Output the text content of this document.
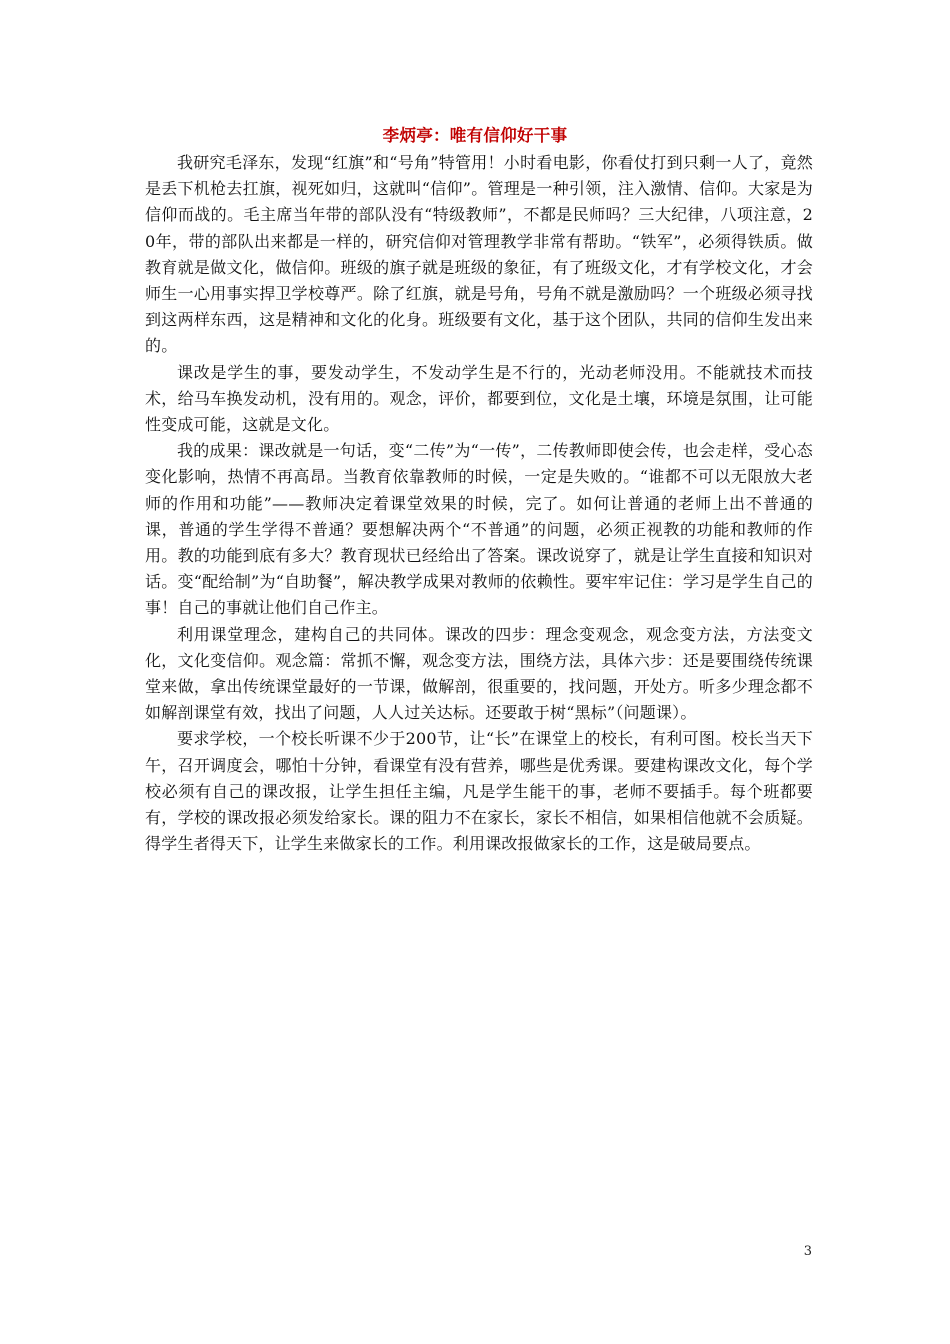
李炳亭：唯有信仰好干事

我研究毛泽东，发现“红旗”和“号角”特管用！小时看电影，你看仗打到只剩一人了，竟然是丢下机枪去扛旗，视死如归，这就叫“信仰”。管理是一种引领，注入激情、信仰。大家是为信仰而战的。毛主席当年带的部队没有“特级教师”，不都是民师吗？三大纪律，八项注意，20年，带的部队出来都是一样的，研究信仰对管理教学非常有帮助。“铁军”，必须得铁质。做教育就是做文化，做信仰。班级的旗子就是班级的象征，有了班级文化，才有学校文化，才会师生一心用事实捍卫学校尊严。除了红旗，就是号角，号角不就是激励吗？一个班级必须寻找到这两样东西，这是精神和文化的化身。班级要有文化，基于这个团队，共同的信仰生发出来的。

课改是学生的事，要发动学生，不发动学生是不行的，光动老师没用。不能就技术而技术，给马车换发动机，没有用的。观念，评价，都要到位，文化是土壤，环境是氛围，让可能性变成可能，这就是文化。

我的成果：课改就是一句话，变“二传”为“一传”，二传教师即使会传，也会走样，受心态变化影响，热情不再高昂。当教育依靠教师的时候，一定是失败的。“谁都不可以无限放大老师的作用和功能”——教师决定着课堂效果的时候，完了。如何让普通的老师上出不普通的课，普通的学生学得不普通？要想解决两个“不普通”的问题，必须正视教的功能和教师的作用。教的功能到底有多大？教育现状已经给出了答案。课改说穿了，就是让学生直接和知识对话。变“配给制”为“自助餐”，解决教学成果对教师的依赖性。要牢牢记住：学习是学生自己的事！自己的事就让他们自己作主。

利用课堂理念，建构自己的共同体。课改的四步：理念变观念，观念变方法，方法变文化，文化变信仰。观念篇：常抓不懈，观念变方法，围绕方法，具体六步：还是要围绕传统课堂来做，拿出传统课堂最好的一节课，做解剖，很重要的，找问题，开处方。听多少理念都不如解剖课堂有效，找出了问题，人人过关达标。还要敢于树“黑标”（问题课）。

要求学校，一个校长听课不少于200节，让“长”在课堂上的校长，有利可图。校长当天下午，召开调度会，哪怕十分钟，看课堂有没有营养，哪些是优秀课。要建构课改文化，每个学校必须有自己的课改报，让学生担任主编，凡是学生能干的事，老师不要插手。每个班都要有，学校的课改报必须发给家长。课的阻力不在家长，家长不相信，如果相信他就不会质疑。得学生者得天下，让学生来做家长的工作。利用课改报做家长的工作，这是破局要点。

3
